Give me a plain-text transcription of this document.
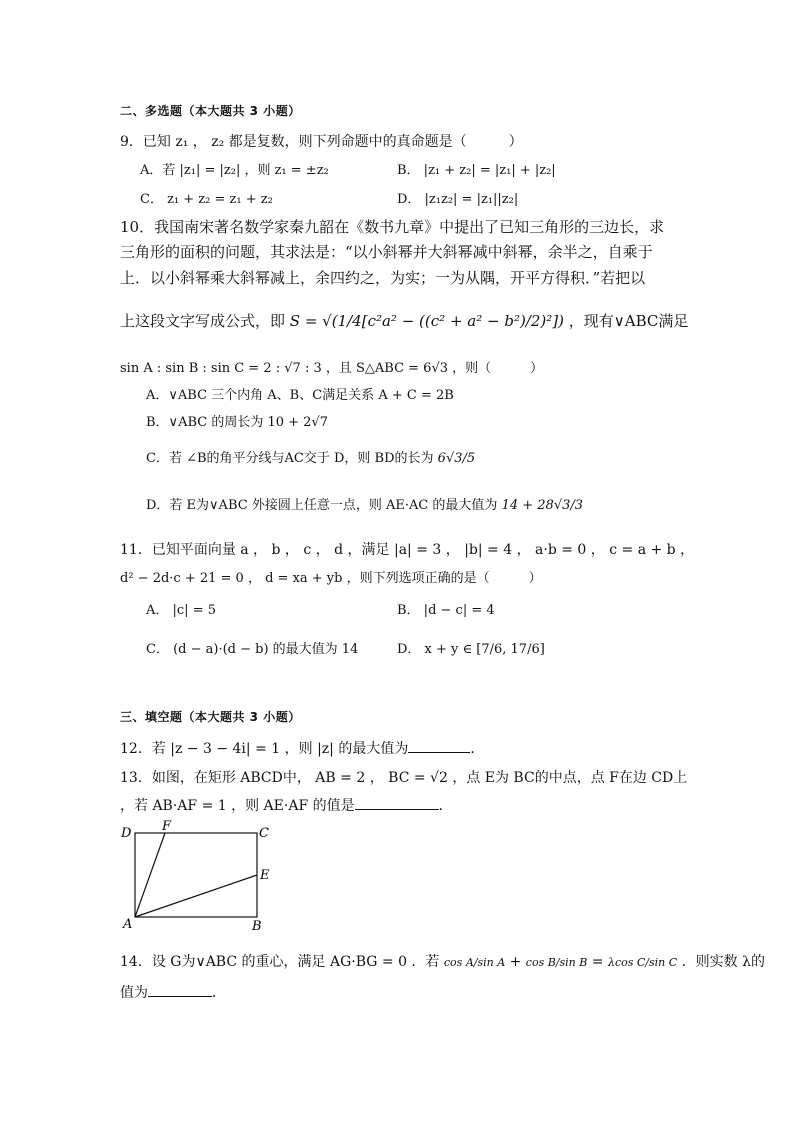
二、多选题（本大题共 3 小题）
9．已知 z₁ ， z₂ 都是复数，则下列命题中的真命题是（　　　）
A．若 |z₁| = |z₂| ，则 z₁ = ±z₂	B． |z₁ + z₂| = |z₁| + |z₂|
C． z₁ + z₂ = z₁ + z₂	D． |z₁z₂| = |z₁||z₂|
10．我国南宋著名数学家秦九韶在《数书九章》中提出了已知三角形的三边长，求
三角形的面积的问题，其求法是：“以小斜幂并大斜幂减中斜幂，余半之，自乘于
上．以小斜幂乘大斜幂减上，余四约之，为实；一为从隅，开平方得积．”若把以
上这段文字写成公式，即 S = √(1/4[c²a² − ((c² + a² − b²)/2)²]) ，现有∨ABC满足
sin A : sin B : sin C = 2 : √7 : 3 ，且 S△ABC = 6√3 ，则（　　　）
A．∨ABC 三个内角 A、B、C满足关系 A + C = 2B
B．∨ABC 的周长为 10 + 2√7
C．若 ∠B的角平分线与AC交于 D，则 BD的长为 6√3/5
D．若 E为∨ABC 外接圆上任意一点，则 AE·AC 的最大值为 14 + 28√3/3
11．已知平面向量 a ， b ， c ， d ，满足 |a| = 3 ， |b| = 4 ， a·b = 0 ， c = a + b ，
d² − 2d·c + 21 = 0 ， d = xa + yb ，则下列选项正确的是（　　　）
A． |c| = 5	B． |d − c| = 4
C． (d − a)·(d − b) 的最大值为 14	D． x + y ∈ [7/6, 17/6]
三、填空题（本大题共 3 小题）
12．若 |z − 3 − 4i| = 1 ，则 |z| 的最大值为	．
13．如图，在矩形 ABCD中， AB = 2 ， BC = √2 ，点 E为 BC的中点，点 F在边 CD上
，若 AB·AF = 1 ，则 AE·AF 的值是	．
D F	C
E
A	B
14．设 G为∨ABC 的重心，满足 AG·BG = 0 ．若 cos A/sin A + cos B/sin B = λcos C/sin C ．则实数 λ的
值为	．
